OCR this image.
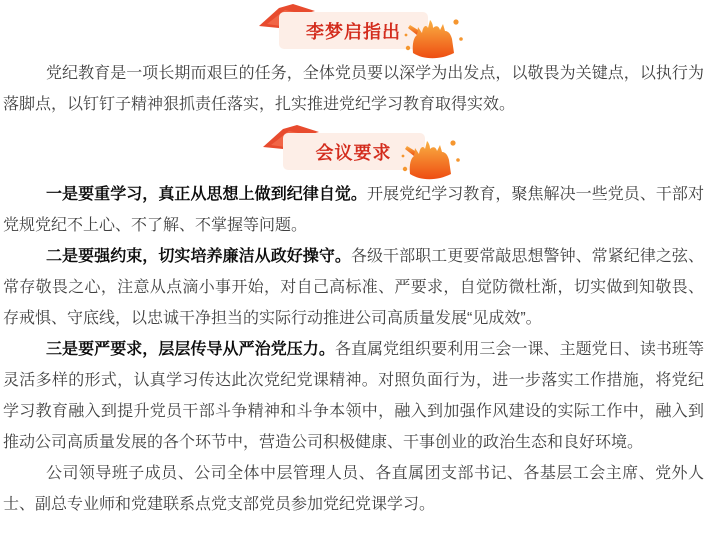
李梦启指出

党纪教育是一项长期而艰巨的任务，全体党员要以深学为出发点，以敬畏为关键点，以执行为落脚点，以钉钉子精神狠抓责任落实，扎实推进党纪学习教育取得实效。

会议要求

一是要重学习，真正从思想上做到纪律自觉。开展党纪学习教育，聚焦解决一些党员、干部对党规党纪不上心、不了解、不掌握等问题。

二是要强约束，切实培养廉洁从政好操守。各级干部职工更要常敲思想警钟、常紧纪律之弦、常存敬畏之心，注意从点滴小事开始，对自己高标准、严要求，自觉防微杜渐，切实做到知敬畏、存戒惧、守底线，以忠诚干净担当的实际行动推进公司高质量发展“见成效”。

三是要严要求，层层传导从严治党压力。各直属党组织要利用三会一课、主题党日、读书班等灵活多样的形式，认真学习传达此次党纪党课精神。对照负面行为，进一步落实工作措施，将党纪学习教育融入到提升党员干部斗争精神和斗争本领中，融入到加强作风建设的实际工作中，融入到推动公司高质量发展的各个环节中，营造公司积极健康、干事创业的政治生态和良好环境。

公司领导班子成员、公司全体中层管理人员、各直属团支部书记、各基层工会主席、党外人士、副总专业师和党建联系点党支部党员参加党纪党课学习。
